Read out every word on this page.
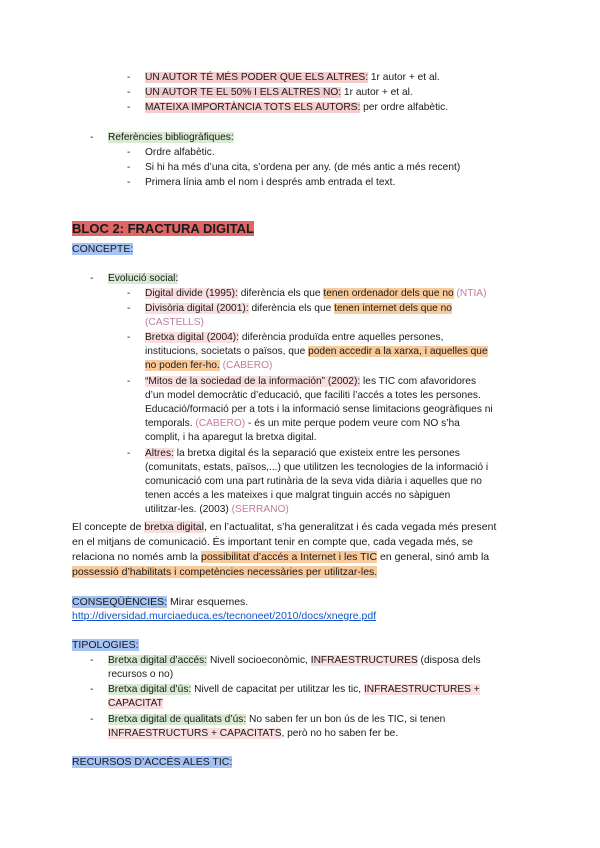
- UN AUTOR TÉ MÉS PODER QUE ELS ALTRES: 1r autor + et al.
- UN AUTOR TE EL 50% I ELS ALTRES NO: 1r autor + et al.
- MATEIXA IMPORTÀNCIA TOTS ELS AUTORS: per ordre alfabètic.
- Referències bibliogràfiques:
- Ordre alfabètic.
- Si hi ha més d’una cita, s’ordena per any. (de més antic a més recent)
- Primera línia amb el nom i després amb entrada el text.
BLOC 2: FRACTURA DIGITAL
CONCEPTE:
- Evolució social:
- Digital divide (1995): diferència els que tenen ordenador dels que no (NTIA)
- Divisòria digital (2001): diferència els que tenen internet dels que no
(CASTELLS)
- Bretxa digital (2004): diferència produïda entre aquelles persones,
institucions, societats o països, que poden accedir a la xarxa, i aquelles que
no poden fer-ho. (CABERO)
- “Mitos de la sociedad de la información” (2002): les TIC com afavoridores
d’un model democràtic d’educació, que faciliti l’accés a totes les persones.
Educació/formació per a tots i la informació sense limitacions geogràfiques ni
temporals. (CABERO) - és un mite perque podem veure com NO s’ha
complit, i ha aparegut la bretxa digital.
- Altres: la bretxa digital és la separació que existeix entre les persones
(comunitats, estats, països,...) que utilitzen les tecnologies de la informació i
comunicació com una part rutinària de la seva vida diària i aquelles que no
tenen accés a les mateixes i que malgrat tinguin accés no sàpiguen
utilitzar-les. (2003) (SERRANO)
El concepte de bretxa digital, en l’actualitat, s’ha generalitzat i és cada vegada més present
en el mitjans de comunicació. És important tenir en compte que, cada vegada més, se
relaciona no només amb la possibilitat d’accés a Internet i les TIC en general, sinó amb la
possessió d’habilitats i competències necessàries per utilitzar-les.
CONSEQÜÈNCIES: Mirar esquemes.
http://diversidad.murciaeduca.es/tecnoneet/2010/docs/xnegre.pdf
TIPOLOGIES:
- Bretxa digital d’accés: Nivell socioeconòmic, INFRAESTRUCTURES (disposa dels
recursos o no)
- Bretxa digital d’ús: Nivell de capacitat per utilitzar les tic, INFRAESTRUCTURES +
CAPACITAT
- Bretxa digital de qualitats d’ús: No saben fer un bon ús de les TIC, si tenen
INFRAESTRUCTURS + CAPACITATS, però no ho saben fer be.
RECURSOS D’ACCÉS ALES TIC:
